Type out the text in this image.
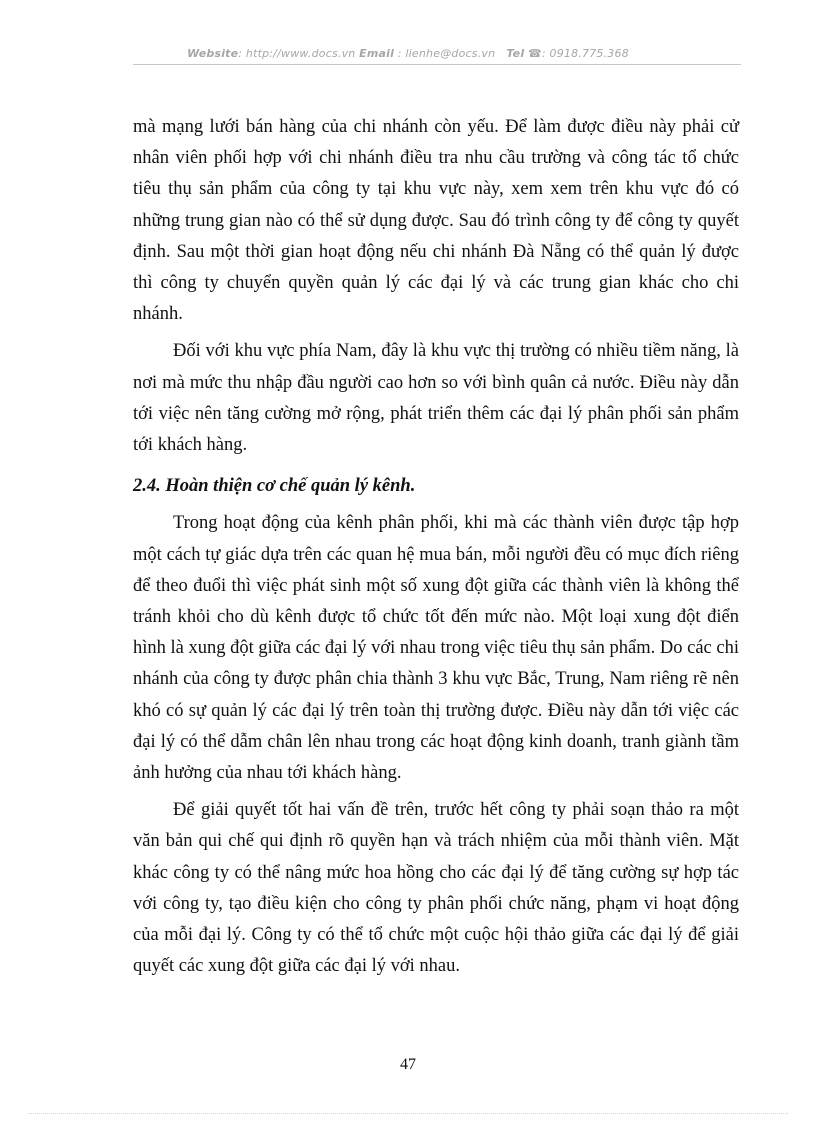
Website: http://www.docs.vn Email : lienhe@docs.vn Tel ☎: 0918.775.368

mà mạng lưới bán hàng của chi nhánh còn yếu. Để làm được điều này phải cử nhân viên phối hợp với chi nhánh điều tra nhu cầu trường và công tác tổ chức tiêu thụ sản phẩm của công ty tại khu vực này, xem xem trên khu vực đó có những trung gian nào có thể sử dụng được. Sau đó trình công ty để công ty quyết định. Sau một thời gian hoạt động nếu chi nhánh Đà Nẵng có thể quản lý được thì công ty chuyển quyền quản lý các đại lý và các trung gian khác cho chi nhánh.

Đối với khu vực phía Nam, đây là khu vực thị trường có nhiều tiềm năng, là nơi mà mức thu nhập đầu người cao hơn so với bình quân cả nước. Điều này dẫn tới việc nên tăng cường mở rộng, phát triển thêm các đại lý phân phối sản phẩm tới khách hàng.

2.4. Hoàn thiện cơ chế quản lý kênh.

Trong hoạt động của kênh phân phối, khi mà các thành viên được tập hợp một cách tự giác dựa trên các quan hệ mua bán, mỗi người đều có mục đích riêng để theo đuổi thì việc phát sinh một số xung đột giữa các thành viên là không thể tránh khỏi cho dù kênh được tổ chức tốt đến mức nào. Một loại xung đột điển hình là xung đột giữa các đại lý với nhau trong việc tiêu thụ sản phẩm. Do các chi nhánh của công ty được phân chia thành 3 khu vực Bắc, Trung, Nam riêng rẽ nên khó có sự quản lý các đại lý trên toàn thị trường được. Điều này dẫn tới việc các đại lý có thể dẫm chân lên nhau trong các hoạt động kinh doanh, tranh giành tầm ảnh hưởng của nhau tới khách hàng.

Để giải quyết tốt hai vấn đề trên, trước hết công ty phải soạn thảo ra một văn bản qui chế qui định rõ quyền hạn và trách nhiệm của mỗi thành viên. Mặt khác công ty có thể nâng mức hoa hồng cho các đại lý để tăng cường sự hợp tác với công ty, tạo điều kiện cho công ty phân phối chức năng, phạm vi hoạt động của mỗi đại lý. Công ty có thể tổ chức một cuộc hội thảo giữa các đại lý để giải quyết các xung đột giữa các đại lý với nhau.

47
